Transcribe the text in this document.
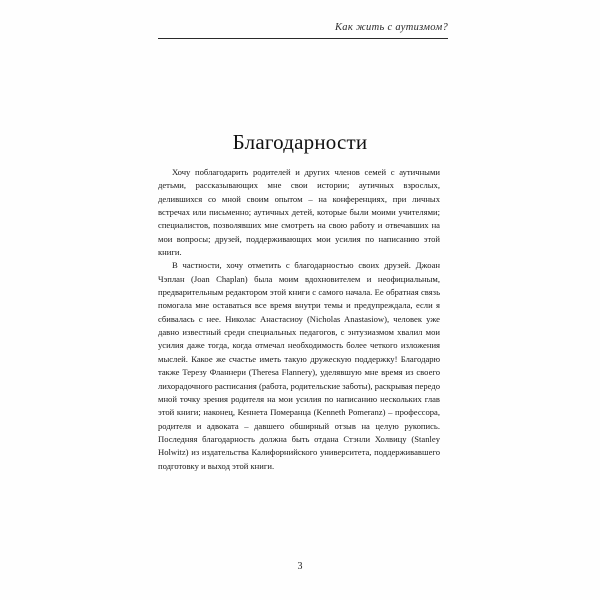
Как жить с аутизмом?
Благодарности

Хочу поблагодарить родителей и других членов семей с аутичными детьми, рассказывающих мне свои истории; аутичных взрослых, делившихся со мной своим опытом – на конференциях, при личных встречах или письменно; аутичных детей, которые были моими учителями; специалистов, позволявших мне смотреть на свою работу и отвечавших на мои вопросы; друзей, поддерживающих мои усилия по написанию этой книги.

В частности, хочу отметить с благодарностью своих друзей. Джоан Чэплан (Joan Chaplan) была моим вдохновителем и неофициальным, предварительным редактором этой книги с самого начала. Ее обратная связь помогала мне оставаться все время внутри темы и предупреждала, если я сбивалась с нее. Николас Анастасиоу (Nicholas Anastasiow), человек уже давно известный среди специальных педагогов, с энтузиазмом хвалил мои усилия даже тогда, когда отмечал необходимость более четкого изложения мыслей. Какое же счастье иметь такую дружескую поддержку! Благодарю также Терезу Фланнери (Theresa Flannery), уделявшую мне время из своего лихорадочного расписания (работа, родительские заботы), раскрывая передо мной точку зрения родителя на мои усилия по написанию нескольких глав этой книги; наконец, Кеннета Померанца (Kenneth Pomeranz) – профессора, родителя и адвоката – давшего обширный отзыв на целую рукопись. Последняя благодарность должна быть отдана Стэнли Холвицу (Stanley Holwitz) из издательства Калифорнийского университета, поддерживавшего подготовку и выход этой книги.

3
